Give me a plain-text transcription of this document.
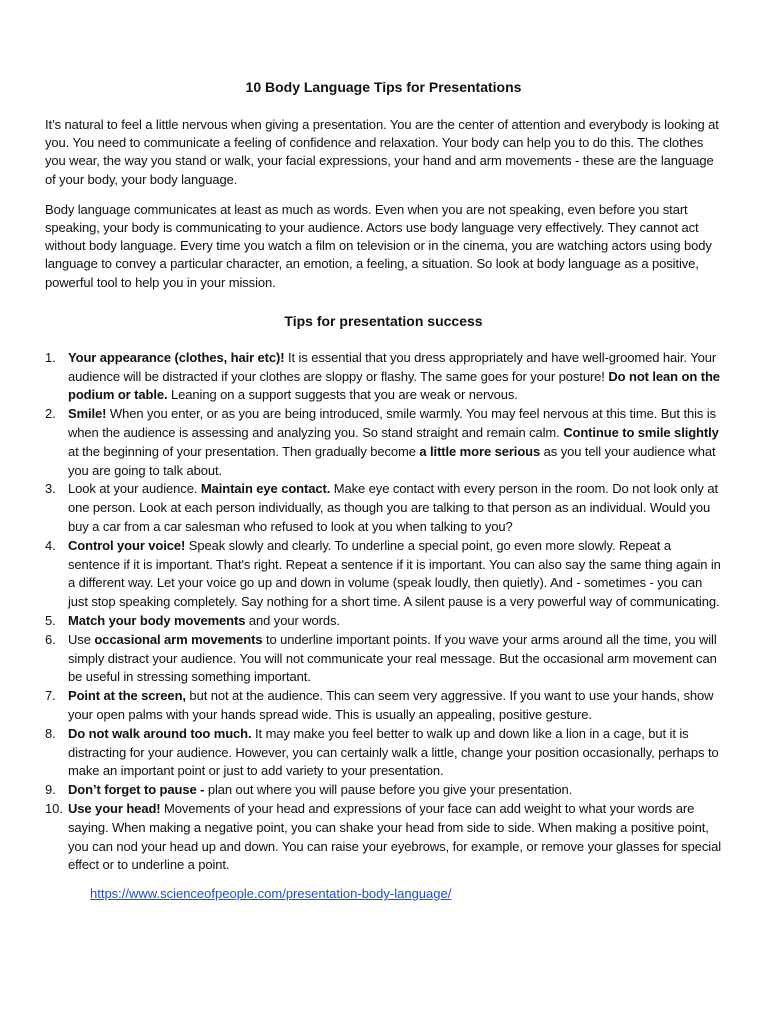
10 Body Language Tips for Presentations

It’s natural to feel a little nervous when giving a presentation. You are the center of attention and everybody is looking at you. You need to communicate a feeling of confidence and relaxation. Your body can help you to do this. The clothes you wear, the way you stand or walk, your facial expressions, your hand and arm movements - these are the language of your body, your body language.

Body language communicates at least as much as words. Even when you are not speaking, even before you start speaking, your body is communicating to your audience. Actors use body language very effectively. They cannot act without body language. Every time you watch a film on television or in the cinema, you are watching actors using body language to convey a particular character, an emotion, a feeling, a situation. So look at body language as a positive, powerful tool to help you in your mission.

Tips for presentation success
1. Your appearance (clothes, hair etc)! It is essential that you dress appropriately and have well-groomed hair. Your audience will be distracted if your clothes are sloppy or flashy. The same goes for your posture! Do not lean on the podium or table. Leaning on a support suggests that you are weak or nervous.
2. Smile! When you enter, or as you are being introduced, smile warmly. You may feel nervous at this time. But this is when the audience is assessing and analyzing you. So stand straight and remain calm. Continue to smile slightly at the beginning of your presentation. Then gradually become a little more serious as you tell your audience what you are going to talk about.
3. Look at your audience. Maintain eye contact. Make eye contact with every person in the room. Do not look only at one person. Look at each person individually, as though you are talking to that person as an individual. Would you buy a car from a car salesman who refused to look at you when talking to you?
4. Control your voice! Speak slowly and clearly. To underline a special point, go even more slowly. Repeat a sentence if it is important. That's right. Repeat a sentence if it is important. You can also say the same thing again in a different way. Let your voice go up and down in volume (speak loudly, then quietly). And - sometimes - you can just stop speaking completely. Say nothing for a short time. A silent pause is a very powerful way of communicating.
5. Match your body movements and your words.
6. Use occasional arm movements to underline important points. If you wave your arms around all the time, you will simply distract your audience. You will not communicate your real message. But the occasional arm movement can be useful in stressing something important.
7. Point at the screen, but not at the audience. This can seem very aggressive. If you want to use your hands, show your open palms with your hands spread wide. This is usually an appealing, positive gesture.
8. Do not walk around too much. It may make you feel better to walk up and down like a lion in a cage, but it is distracting for your audience. However, you can certainly walk a little, change your position occasionally, perhaps to make an important point or just to add variety to your presentation.
9. Don’t forget to pause - plan out where you will pause before you give your presentation.
10. Use your head! Movements of your head and expressions of your face can add weight to what your words are saying. When making a negative point, you can shake your head from side to side. When making a positive point, you can nod your head up and down. You can raise your eyebrows, for example, or remove your glasses for special effect or to underline a point.
https://www.scienceofpeople.com/presentation-body-language/
